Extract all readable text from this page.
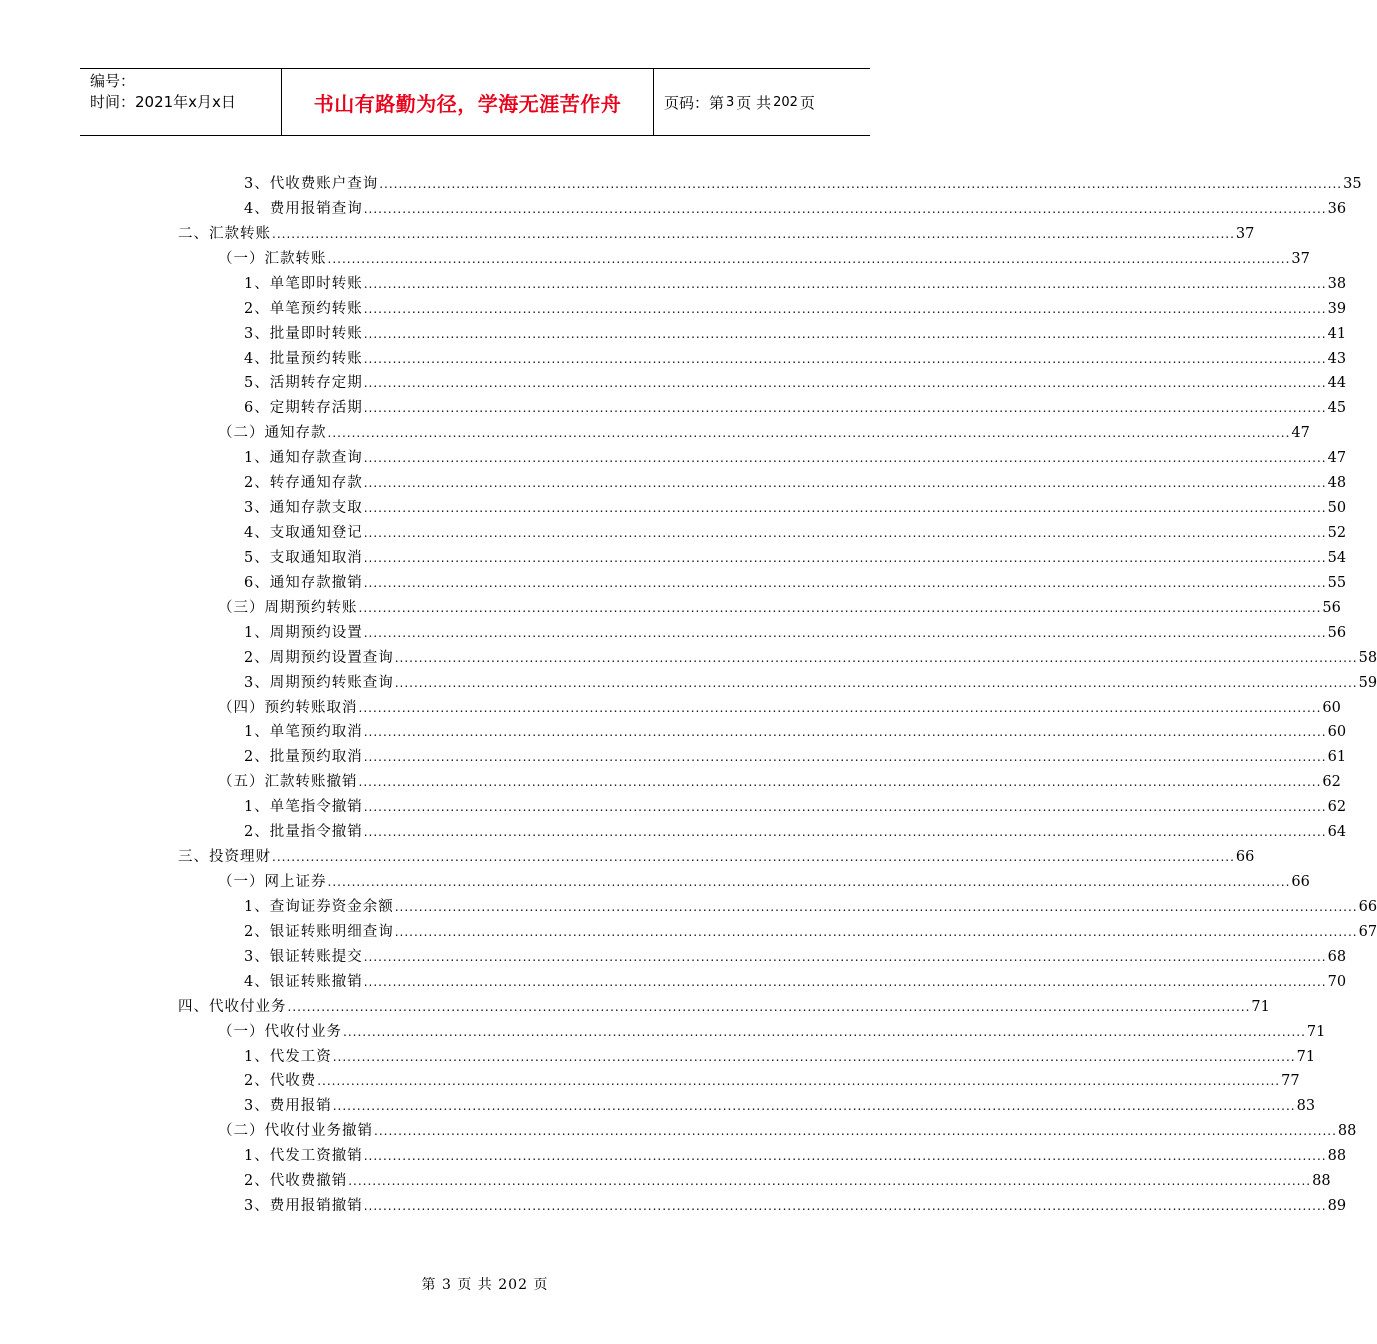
编号：
时间：2021年x月x日	书山有路勤为径，学海无涯苦作舟	页码：第 3 页 共 202 页
3、代收费账户查询 ........................................................................................................................................................................................................ 35
4、费用报销查询 ........................................................................................................................................................................................................ 36
二、汇款转账 ........................................................................................................................................................................................................ 37
（一）汇款转账 ........................................................................................................................................................................................................ 37
1、单笔即时转账 ........................................................................................................................................................................................................ 38
2、单笔预约转账 ........................................................................................................................................................................................................ 39
3、批量即时转账 ........................................................................................................................................................................................................ 41
4、批量预约转账 ........................................................................................................................................................................................................ 43
5、活期转存定期 ........................................................................................................................................................................................................ 44
6、定期转存活期 ........................................................................................................................................................................................................ 45
（二）通知存款 ........................................................................................................................................................................................................ 47
1、通知存款查询 ........................................................................................................................................................................................................ 47
2、转存通知存款 ........................................................................................................................................................................................................ 48
3、通知存款支取 ........................................................................................................................................................................................................ 50
4、支取通知登记 ........................................................................................................................................................................................................ 52
5、支取通知取消 ........................................................................................................................................................................................................ 54
6、通知存款撤销 ........................................................................................................................................................................................................ 55
（三）周期预约转账 ........................................................................................................................................................................................................ 56
1、周期预约设置 ........................................................................................................................................................................................................ 56
2、周期预约设置查询 ........................................................................................................................................................................................................ 58
3、周期预约转账查询 ........................................................................................................................................................................................................ 59
（四）预约转账取消 ........................................................................................................................................................................................................ 60
1、单笔预约取消 ........................................................................................................................................................................................................ 60
2、批量预约取消 ........................................................................................................................................................................................................ 61
（五）汇款转账撤销 ........................................................................................................................................................................................................ 62
1、单笔指令撤销 ........................................................................................................................................................................................................ 62
2、批量指令撤销 ........................................................................................................................................................................................................ 64
三、投资理财 ........................................................................................................................................................................................................ 66
（一）网上证券 ........................................................................................................................................................................................................ 66
1、查询证券资金余额 ........................................................................................................................................................................................................ 66
2、银证转账明细查询 ........................................................................................................................................................................................................ 67
3、银证转账提交 ........................................................................................................................................................................................................ 68
4、银证转账撤销 ........................................................................................................................................................................................................ 70
四、代收付业务 ........................................................................................................................................................................................................ 71
（一）代收付业务 ........................................................................................................................................................................................................ 71
1、代发工资 ........................................................................................................................................................................................................ 71
2、代收费 ........................................................................................................................................................................................................ 77
3、费用报销 ........................................................................................................................................................................................................ 83
（二）代收付业务撤销 ........................................................................................................................................................................................................ 88
1、代发工资撤销 ........................................................................................................................................................................................................ 88
2、代收费撤销 ........................................................................................................................................................................................................ 88
3、费用报销撤销 ........................................................................................................................................................................................................ 89
第 3 页 共 202 页
